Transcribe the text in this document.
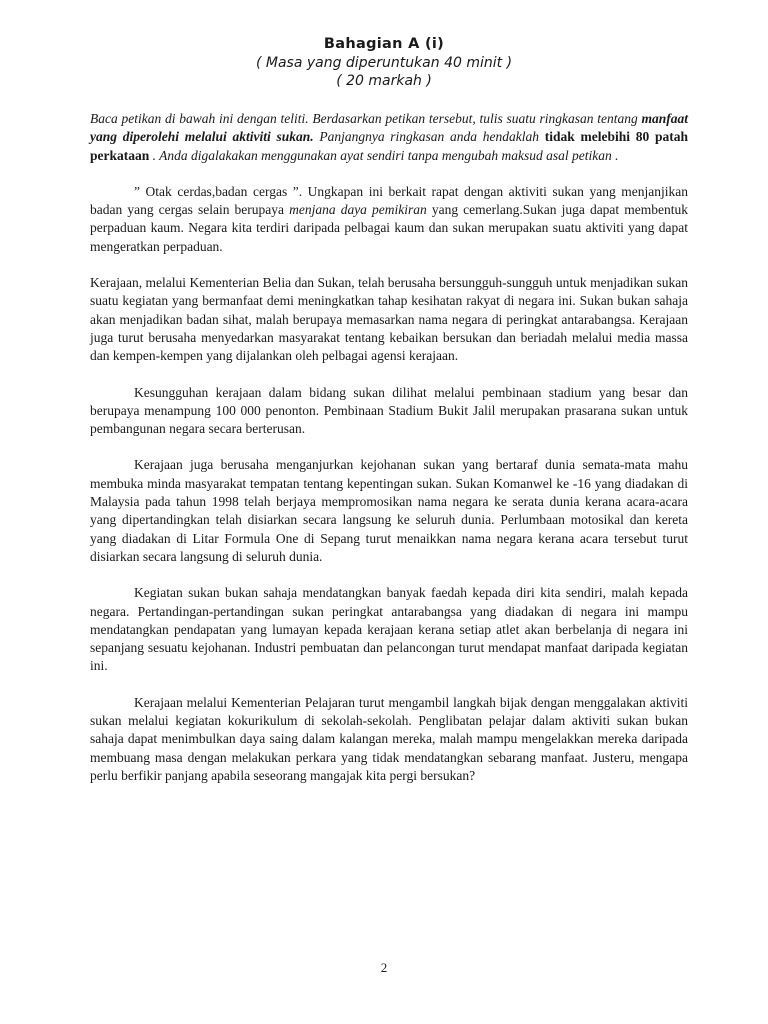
Bahagian A (i)
( Masa yang diperuntukan 40 minit )
( 20 markah )

Baca petikan di bawah ini dengan teliti. Berdasarkan petikan tersebut, tulis suatu ringkasan tentang manfaat yang diperolehi melalui aktiviti sukan. Panjangnya ringkasan anda hendaklah tidak melebihi 80 patah perkataan . Anda digalakakan menggunakan ayat sendiri tanpa mengubah maksud asal petikan .

” Otak cerdas,badan cergas ”. Ungkapan ini berkait rapat dengan aktiviti sukan yang menjanjikan badan yang cergas selain berupaya menjana daya pemikiran yang cemerlang.Sukan juga dapat membentuk perpaduan kaum. Negara kita terdiri daripada pelbagai kaum dan sukan merupakan suatu aktiviti yang dapat mengeratkan perpaduan.

Kerajaan, melalui Kementerian Belia dan Sukan, telah berusaha bersungguh-sungguh untuk menjadikan sukan suatu kegiatan yang bermanfaat demi meningkatkan tahap kesihatan rakyat di negara ini. Sukan bukan sahaja akan menjadikan badan sihat, malah berupaya memasarkan nama negara di peringkat antarabangsa. Kerajaan juga turut berusaha menyedarkan masyarakat tentang kebaikan bersukan dan beriadah melalui media massa dan kempen-kempen yang dijalankan oleh pelbagai agensi kerajaan.

Kesungguhan kerajaan dalam bidang sukan dilihat melalui pembinaan stadium yang besar dan berupaya menampung 100 000 penonton. Pembinaan Stadium Bukit Jalil merupakan prasarana sukan untuk pembangunan negara secara berterusan.

Kerajaan juga berusaha menganjurkan kejohanan sukan yang bertaraf dunia semata-mata mahu membuka minda masyarakat tempatan tentang kepentingan sukan. Sukan Komanwel ke -16 yang diadakan di Malaysia pada tahun 1998 telah berjaya mempromosikan nama negara ke serata dunia kerana acara-acara yang dipertandingkan telah disiarkan secara langsung ke seluruh dunia. Perlumbaan motosikal dan kereta yang diadakan di Litar Formula One di Sepang turut menaikkan nama negara kerana acara tersebut turut disiarkan secara langsung di seluruh dunia.

Kegiatan sukan bukan sahaja mendatangkan banyak faedah kepada diri kita sendiri, malah kepada negara. Pertandingan-pertandingan sukan peringkat antarabangsa yang diadakan di negara ini mampu mendatangkan pendapatan yang lumayan kepada kerajaan kerana setiap atlet akan berbelanja di negara ini sepanjang sesuatu kejohanan. Industri pembuatan dan pelancongan turut mendapat manfaat daripada kegiatan ini.

Kerajaan melalui Kementerian Pelajaran turut mengambil langkah bijak dengan menggalakan aktiviti sukan melalui kegiatan kokurikulum di sekolah-sekolah. Penglibatan pelajar dalam aktiviti sukan bukan sahaja dapat menimbulkan daya saing dalam kalangan mereka, malah mampu mengelakkan mereka daripada membuang masa dengan melakukan perkara yang tidak mendatangkan sebarang manfaat. Justeru, mengapa perlu berfikir panjang apabila seseorang mangajak kita pergi bersukan?

2
